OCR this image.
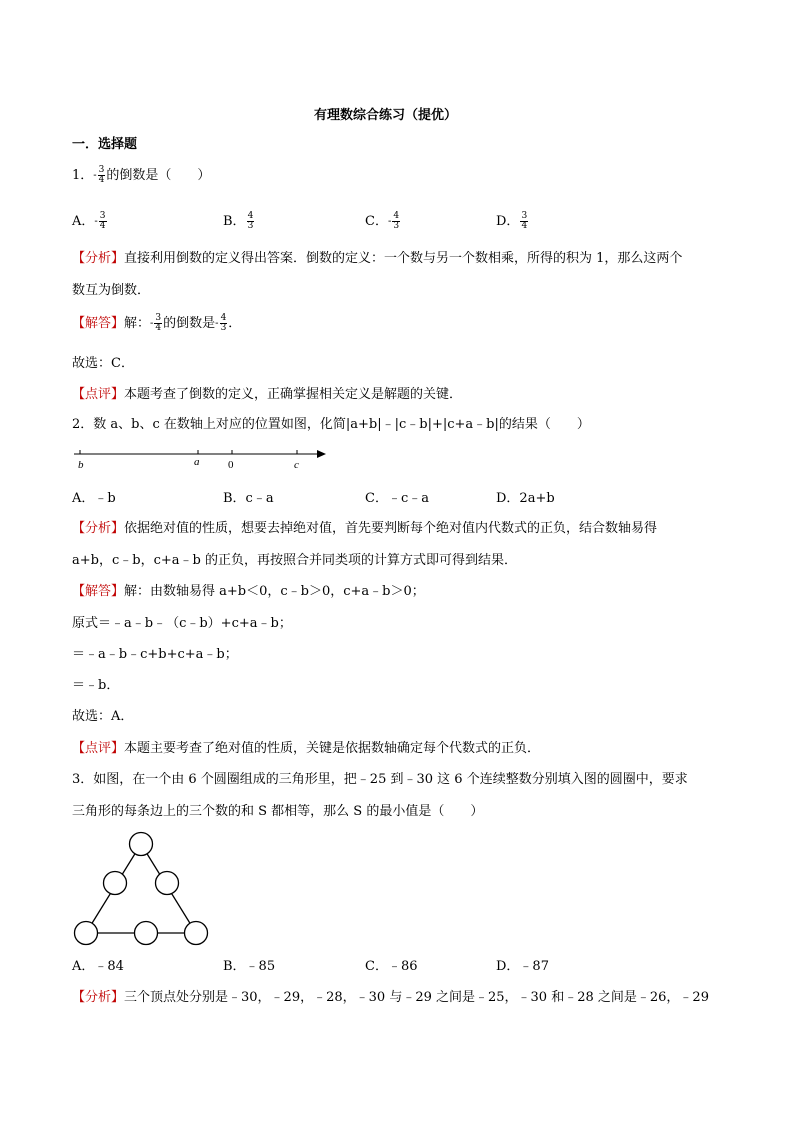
有理数综合练习（提优）
一．选择题
1．- $\frac{3}{4}$ 的倒数是（　　）
A．- $\frac{3}{4}$	B． $\frac{4}{3}$	C．- $\frac{4}{3}$	D． $\frac{3}{4}$
【分析】直接利用倒数的定义得出答案．倒数的定义：一个数与另一个数相乘，所得的积为 1，那么这两个
数互为倒数．
【解答】解：- $\frac{3}{4}$ 的倒数是- $\frac{4}{3}$ ．
故选：C．
【点评】本题考查了倒数的定义，正确掌握相关定义是解题的关键．
2．数 a、b、c 在数轴上对应的位置如图，化简|a+b|﹣|c﹣b|+|c+a﹣b|的结果（　　）
b	a	0	c
A．﹣b	B．c﹣a	C．﹣c﹣a	D．2a+b
【分析】依据绝对值的性质，想要去掉绝对值，首先要判断每个绝对值内代数式的正负，结合数轴易得
a+b，c﹣b，c+a﹣b 的正负，再按照合并同类项的计算方式即可得到结果．
【解答】解：由数轴易得 a+b＜0，c﹣b＞0，c+a﹣b＞0；
原式＝﹣a﹣b﹣（c﹣b）+c+a﹣b；
＝﹣a﹣b﹣c+b+c+a﹣b；
＝﹣b．
故选：A．
【点评】本题主要考查了绝对值的性质，关键是依据数轴确定每个代数式的正负．
3．如图，在一个由 6 个圆圈组成的三角形里，把﹣25 到﹣30 这 6 个连续整数分别填入图的圆圈中，要求
三角形的每条边上的三个数的和 S 都相等，那么 S 的最小值是（　　）
A．﹣84	B．﹣85	C．﹣86	D．﹣87
【分析】三个顶点处分别是﹣30，﹣29，﹣28，﹣30 与﹣29 之间是﹣25，﹣30 和﹣28 之间是﹣26，﹣29
